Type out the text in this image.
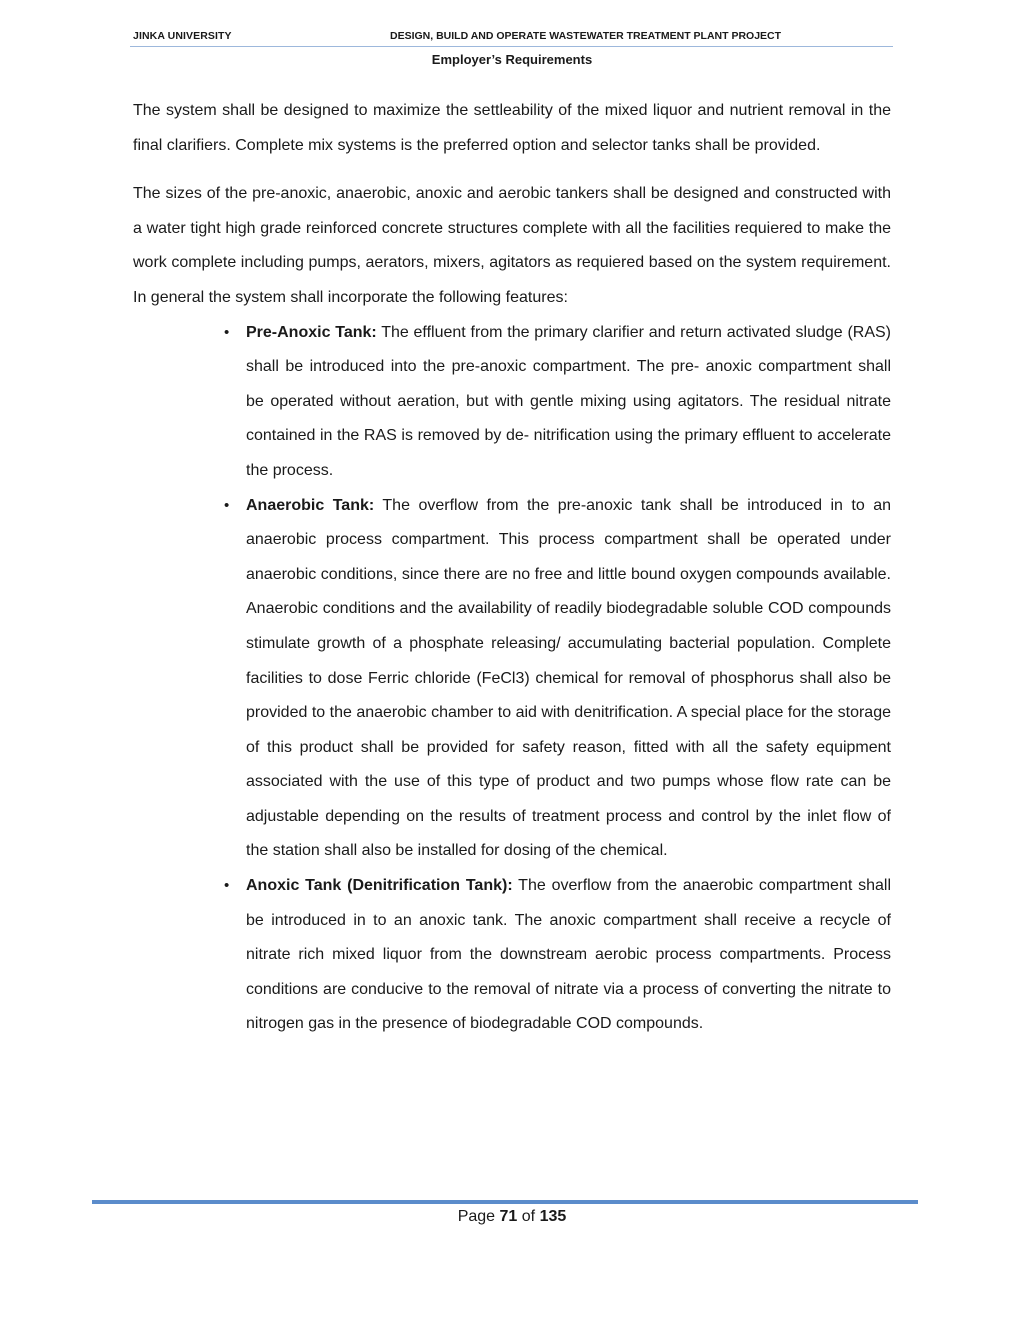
JINKA UNIVERSITY	DESIGN, BUILD AND OPERATE WASTEWATER TREATMENT PLANT PROJECT
Employer’s Requirements

The system shall be designed to maximize the settleability of the mixed liquor and nutrient removal in the final clarifiers. Complete mix systems is the preferred option and selector tanks shall be provided.

The sizes of the pre-anoxic, anaerobic, anoxic and aerobic tankers shall be designed and constructed with a water tight high grade reinforced concrete structures complete with all the facilities requiered to make the work complete including pumps, aerators, mixers, agitators as requiered based on the system requirement. In general the system shall incorporate the following features:

• Pre-Anoxic Tank: The effluent from the primary clarifier and return activated sludge (RAS) shall be introduced into the pre-anoxic compartment. The pre- anoxic compartment shall be operated without aeration, but with gentle mixing using agitators. The residual nitrate contained in the RAS is removed by de- nitrification using the primary effluent to accelerate the process.
• Anaerobic Tank: The overflow from the pre-anoxic tank shall be introduced in to an anaerobic process compartment. This process compartment shall be operated under anaerobic conditions, since there are no free and little bound oxygen compounds available. Anaerobic conditions and the availability of readily biodegradable soluble COD compounds stimulate growth of a phosphate releasing/ accumulating bacterial population. Complete facilities to dose Ferric chloride (FeCl3) chemical for removal of phosphorus shall also be provided to the anaerobic chamber to aid with denitrification. A special place for the storage of this product shall be provided for safety reason, fitted with all the safety equipment associated with the use of this type of product and two pumps whose flow rate can be adjustable depending on the results of treatment process and control by the inlet flow of the station shall also be installed for dosing of the chemical.
• Anoxic Tank (Denitrification Tank): The overflow from the anaerobic compartment shall be introduced in to an anoxic tank. The anoxic compartment shall receive a recycle of nitrate rich mixed liquor from the downstream aerobic process compartments. Process conditions are conducive to the removal of nitrate via a process of converting the nitrate to nitrogen gas in the presence of biodegradable COD compounds.
Page 71 of 135
